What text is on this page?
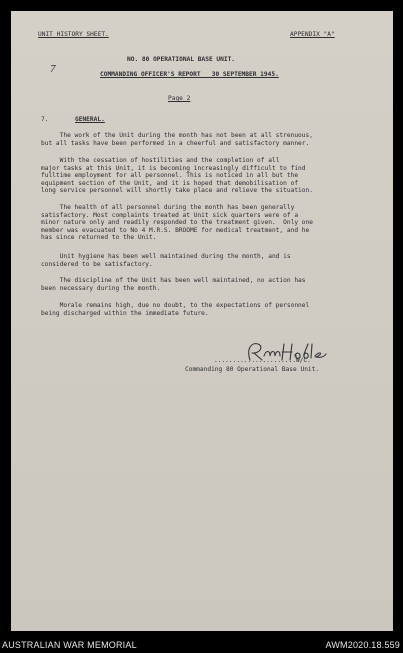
UNIT HISTORY SHEET.	APPENDIX "A"
NO. 80 OPERATIONAL BASE UNIT.
COMMANDING OFFICER'S REPORT   30 SEPTEMBER 1945.
7
Page 2
7.	GENERAL.
The work of the Unit during the month has not been at all strenuous,
but all tasks have been performed in a cheerful and satisfactory manner.
With the cessation of hostilities and the completion of all
major tasks at this Unit, it is becoming increasingly difficult to find
fulltime employment for all personnel. This is noticed in all but the
equipment section of the Unit, and it is hoped that demobilisation of
long service personnel will shortly take place and relieve the situation.
The health of all personnel during the month has been generally
satisfactory. Most complaints treated at Unit sick quarters were of a
minor nature only and readily responded to the treatment given.  Only one
member was evacuated to No 4 M.R.S. BROOME for medical treatment, and he
has since returned to the Unit.
Unit hygiene has been well maintained during the month, and is
considered to be satisfactory.
The discipline of the Unit has been well maintained, no action has
been necessary during the month.
Morale remains high, due no doubt, to the expectations of personnel
being discharged within the immediate future.
......................W/C.
Commanding 80 Operational Base Unit.
AUSTRALIAN WAR MEMORIAL	AWM2020.18.559
